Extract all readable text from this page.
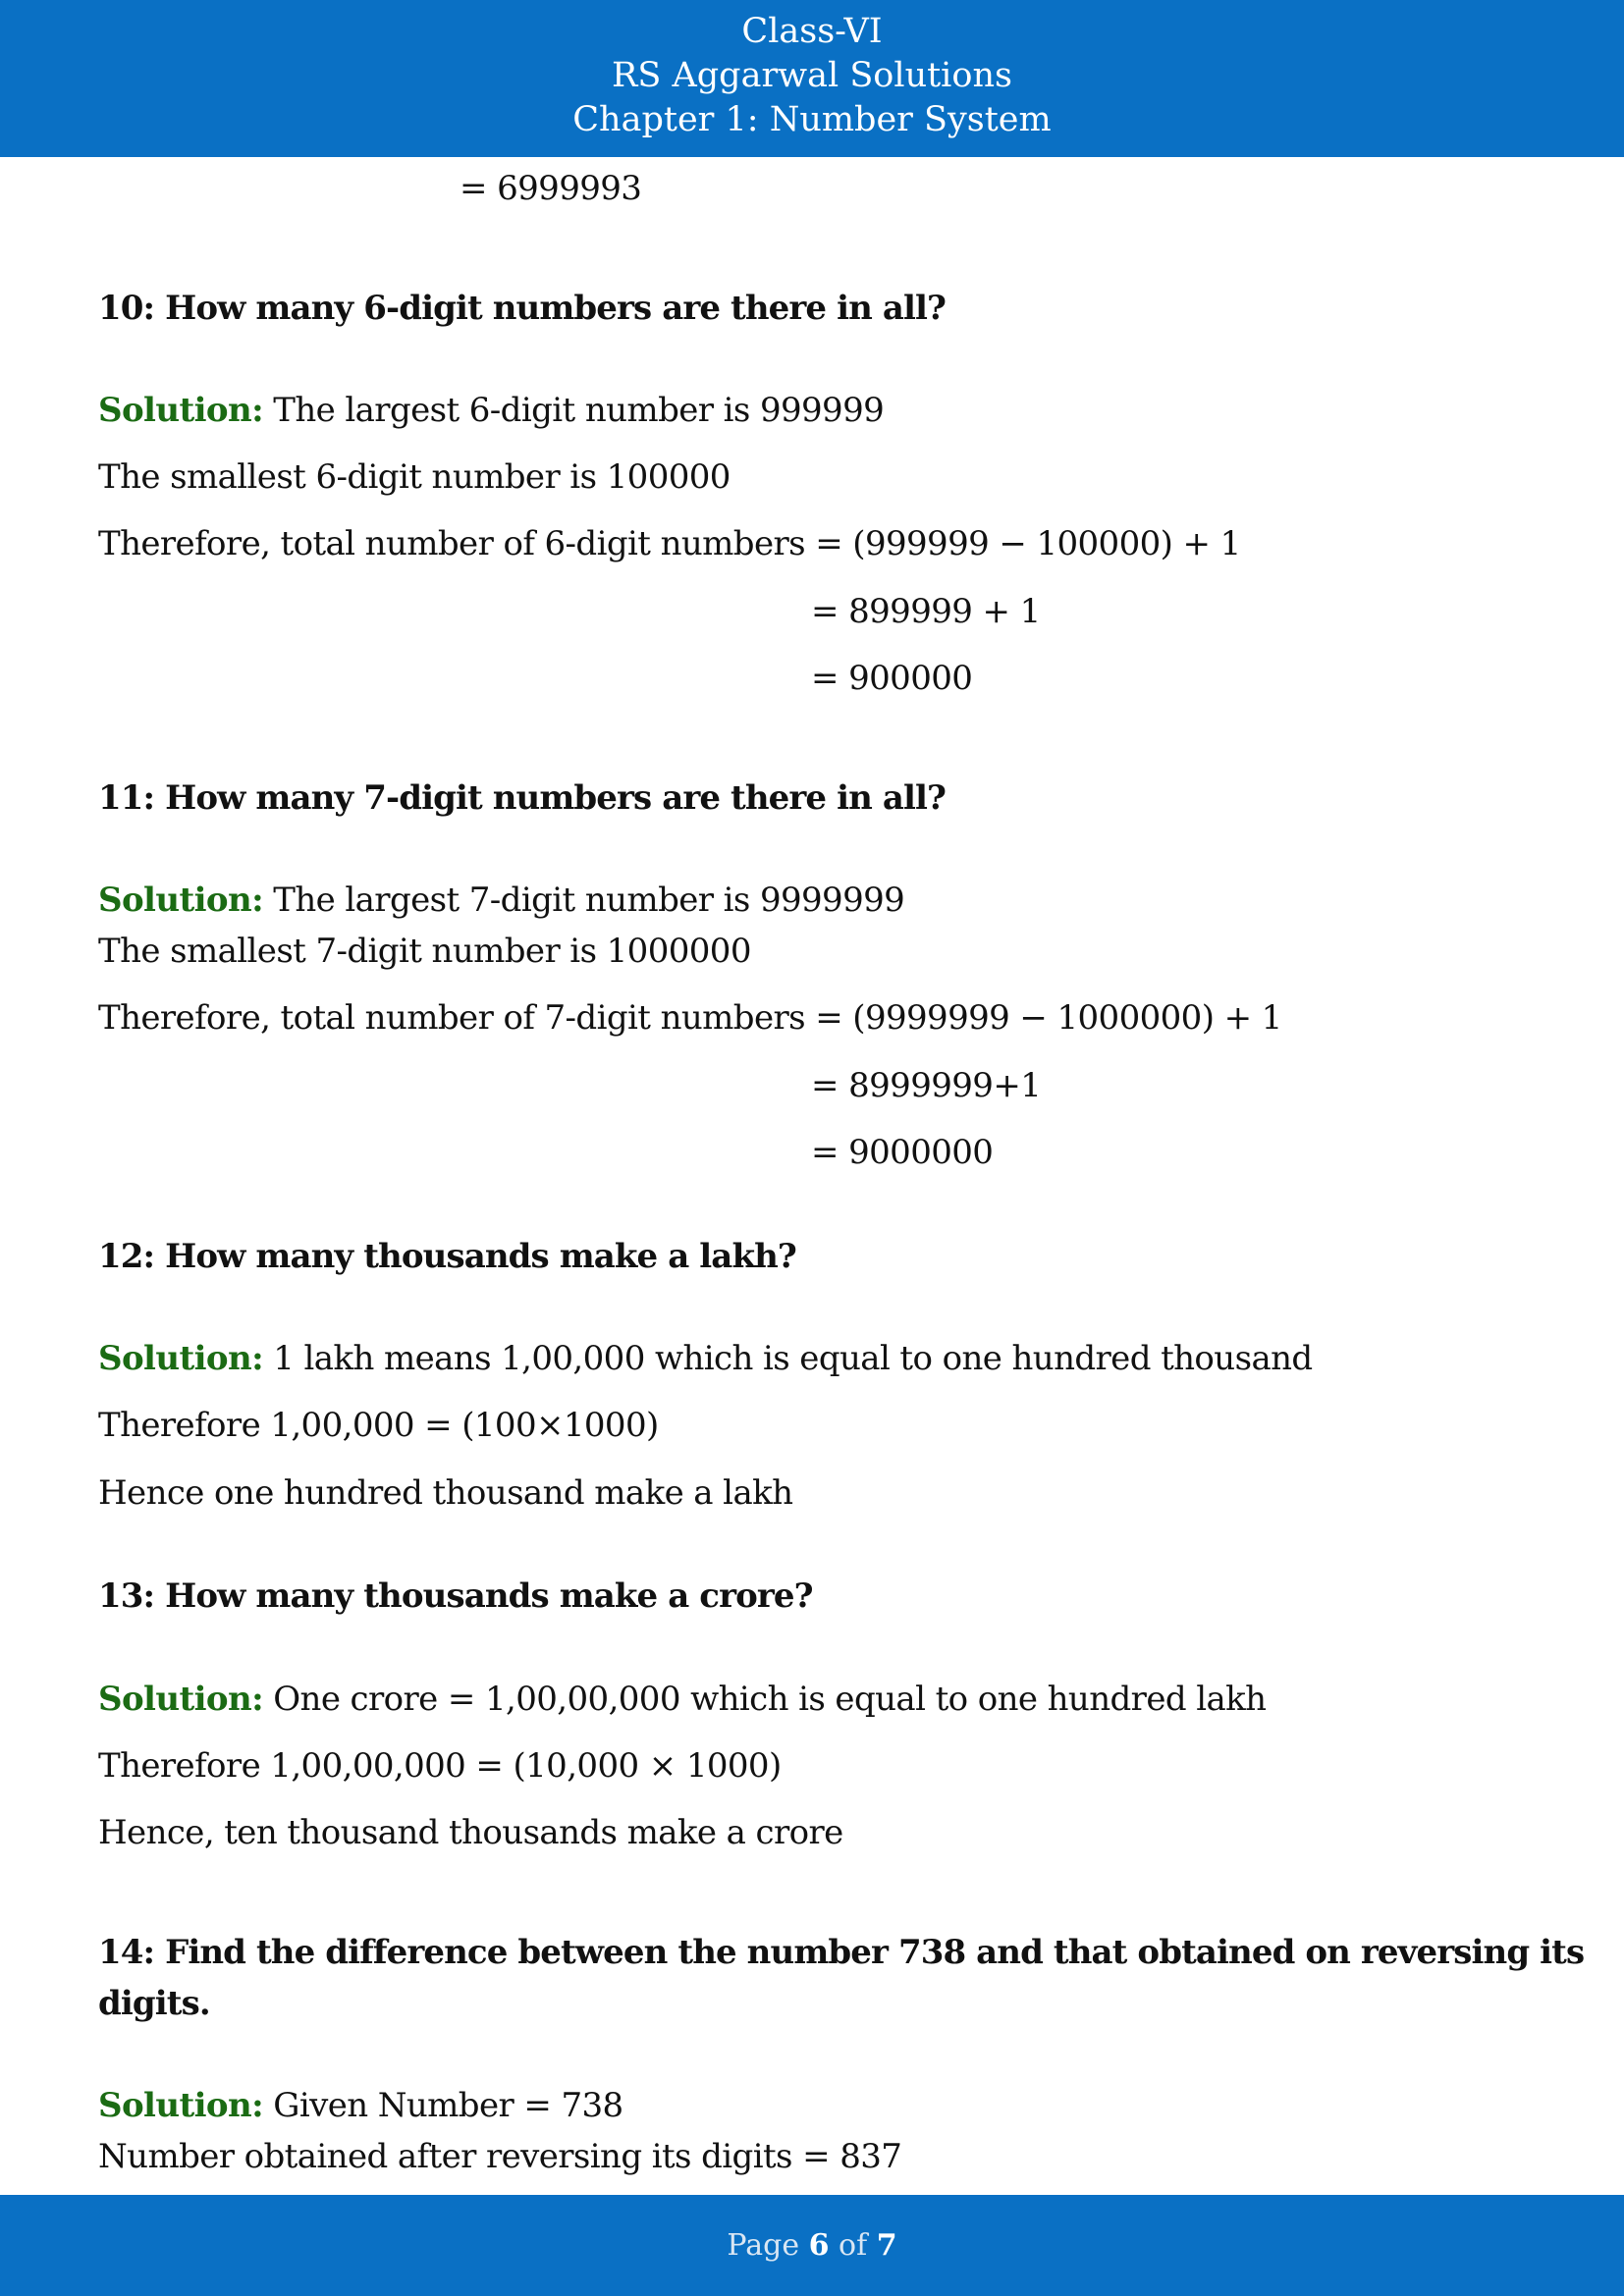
Class-VI
RS Aggarwal Solutions
Chapter 1: Number System
= 6999993
10: How many 6-digit numbers are there in all?
Solution: The largest 6-digit number is 999999
The smallest 6-digit number is 100000
Therefore, total number of 6-digit numbers = (999999 − 100000) + 1
= 899999 + 1
= 900000
11: How many 7-digit numbers are there in all?
Solution: The largest 7-digit number is 9999999
The smallest 7-digit number is 1000000
Therefore, total number of 7-digit numbers = (9999999 − 1000000) + 1
= 8999999+1
= 9000000
12: How many thousands make a lakh?
Solution: 1 lakh means 1,00,000 which is equal to one hundred thousand
Therefore 1,00,000 = (100×1000)
Hence one hundred thousand make a lakh
13: How many thousands make a crore?
Solution: One crore = 1,00,00,000 which is equal to one hundred lakh
Therefore 1,00,00,000 = (10,000 × 1000)
Hence, ten thousand thousands make a crore
14: Find the difference between the number 738 and that obtained on reversing its
digits.
Solution: Given Number = 738
Number obtained after reversing its digits = 837
Page 6 of 7
